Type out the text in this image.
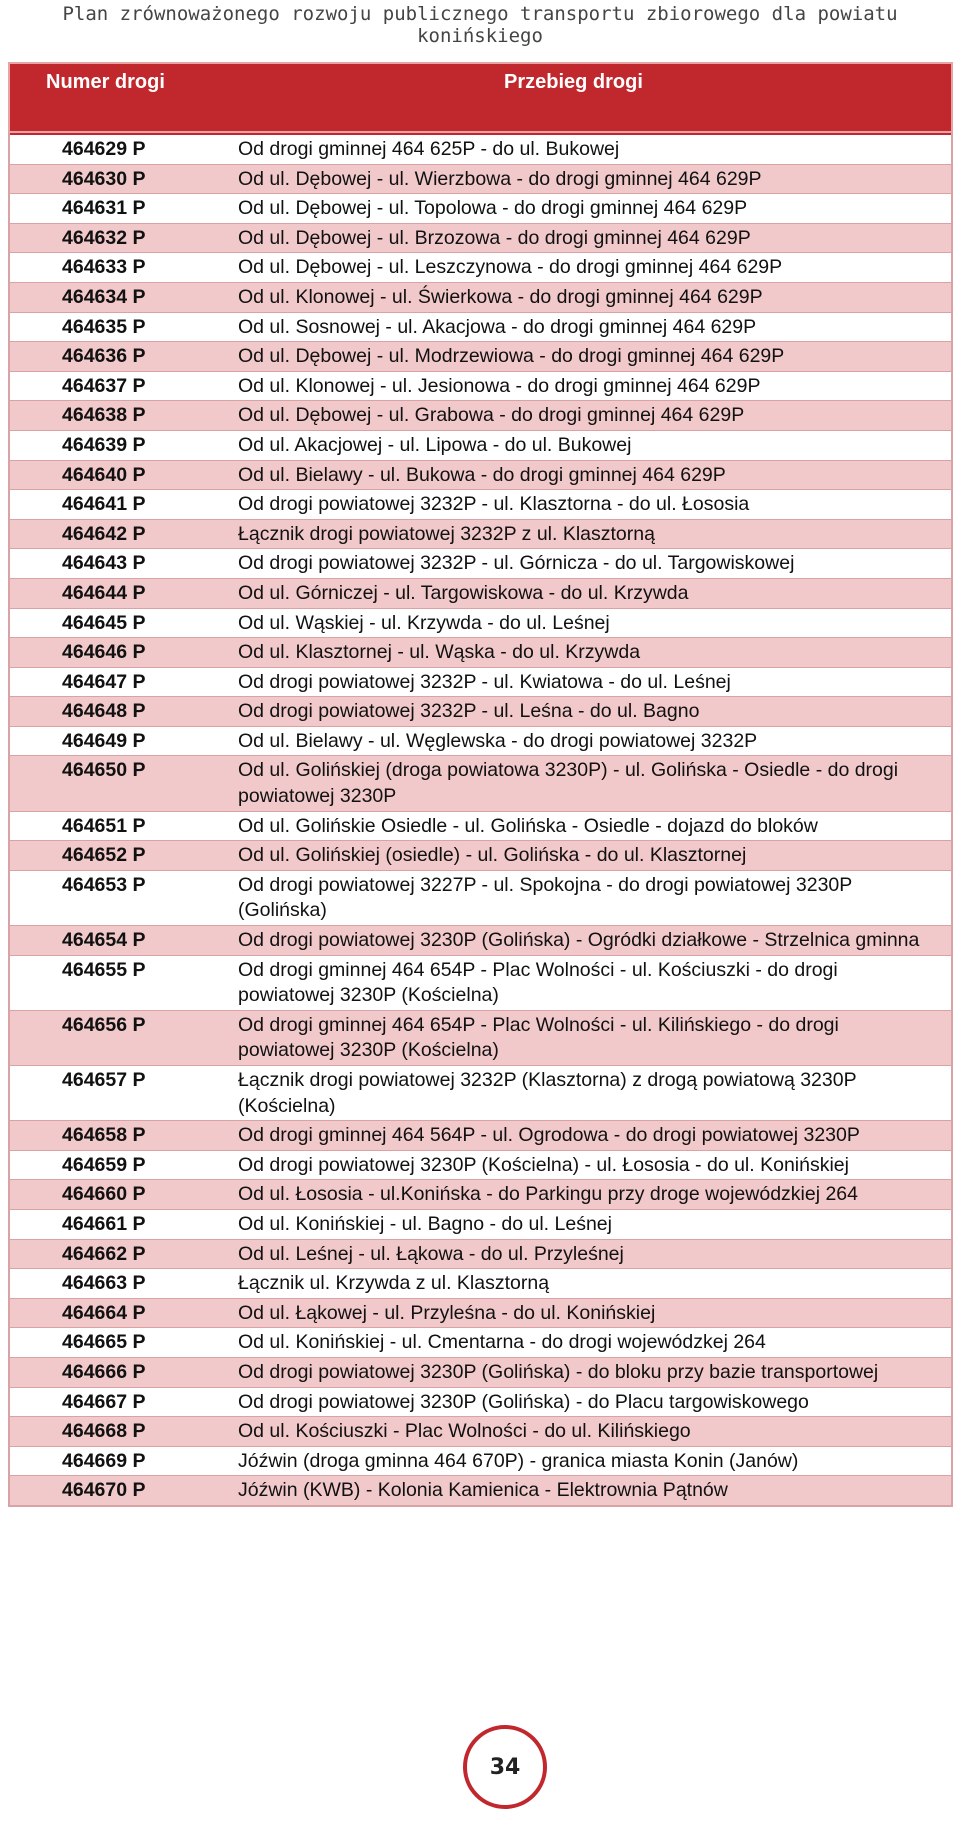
Plan zrównoważonego rozwoju publicznego transportu zbiorowego dla powiatu konińskiego
Numer drogi	Przebieg drogi
464629 P	Od drogi gminnej 464 625P - do ul. Bukowej
464630 P	Od ul. Dębowej - ul. Wierzbowa - do drogi gminnej 464 629P
464631 P	Od ul. Dębowej - ul. Topolowa - do drogi gminnej 464 629P
464632 P	Od ul. Dębowej - ul. Brzozowa - do drogi gminnej 464 629P
464633 P	Od ul. Dębowej - ul. Leszczynowa - do drogi gminnej 464 629P
464634 P	Od ul. Klonowej - ul. Świerkowa - do drogi gminnej 464 629P
464635 P	Od ul. Sosnowej - ul. Akacjowa - do drogi gminnej 464 629P
464636 P	Od ul. Dębowej - ul. Modrzewiowa - do drogi gminnej 464 629P
464637 P	Od ul. Klonowej - ul. Jesionowa - do drogi gminnej 464 629P
464638 P	Od ul. Dębowej - ul. Grabowa - do drogi gminnej 464 629P
464639 P	Od ul. Akacjowej - ul. Lipowa - do ul. Bukowej
464640 P	Od ul. Bielawy - ul. Bukowa - do drogi gminnej 464 629P
464641 P	Od drogi powiatowej 3232P - ul. Klasztorna - do ul. Łososia
464642 P	Łącznik drogi powiatowej 3232P z ul. Klasztorną
464643 P	Od drogi powiatowej 3232P - ul. Górnicza - do ul. Targowiskowej
464644 P	Od ul. Górniczej - ul. Targowiskowa - do ul. Krzywda
464645 P	Od ul. Wąskiej - ul. Krzywda - do ul. Leśnej
464646 P	Od ul. Klasztornej - ul. Wąska - do ul. Krzywda
464647 P	Od drogi powiatowej 3232P - ul. Kwiatowa - do ul. Leśnej
464648 P	Od drogi powiatowej 3232P - ul. Leśna - do ul. Bagno
464649 P	Od ul. Bielawy - ul. Węglewska - do drogi powiatowej 3232P
464650 P	Od ul. Golińskiej (droga powiatowa 3230P) - ul. Golińska - Osiedle - do drogi powiatowej 3230P
464651 P	Od ul. Golińskie Osiedle - ul. Golińska - Osiedle - dojazd do bloków
464652 P	Od ul. Golińskiej (osiedle) - ul. Golińska - do ul. Klasztornej
464653 P	Od drogi powiatowej 3227P - ul. Spokojna - do drogi powiatowej 3230P (Golińska)
464654 P	Od drogi powiatowej 3230P (Golińska) - Ogródki działkowe - Strzelnica gminna
464655 P	Od drogi gminnej 464 654P - Plac Wolności - ul. Kościuszki - do drogi powiatowej 3230P (Kościelna)
464656 P	Od drogi gminnej 464 654P - Plac Wolności - ul. Kilińskiego - do drogi powiatowej 3230P (Kościelna)
464657 P	Łącznik drogi powiatowej 3232P (Klasztorna) z drogą powiatową 3230P (Kościelna)
464658 P	Od drogi gminnej 464 564P - ul. Ogrodowa - do drogi powiatowej 3230P
464659 P	Od drogi powiatowej 3230P (Kościelna) - ul. Łososia - do ul. Konińskiej
464660 P	Od ul. Łososia - ul.Konińska - do Parkingu przy droge wojewódzkiej 264
464661 P	Od ul. Konińskiej - ul. Bagno - do ul. Leśnej
464662 P	Od ul. Leśnej - ul. Łąkowa - do ul. Przyleśnej
464663 P	Łącznik ul. Krzywda z ul. Klasztorną
464664 P	Od ul. Łąkowej - ul. Przyleśna - do ul. Konińskiej
464665 P	Od ul. Konińskiej - ul. Cmentarna - do drogi wojewódzkej 264
464666 P	Od drogi powiatowej 3230P (Golińska) - do bloku przy bazie transportowej
464667 P	Od drogi powiatowej 3230P (Golińska) - do Placu targowiskowego
464668 P	Od ul. Kościuszki - Plac Wolności - do ul. Kilińskiego
464669 P	Jóźwin (droga gminna 464 670P) - granica miasta Konin (Janów)
464670 P	Jóźwin (KWB) - Kolonia Kamienica - Elektrownia Pątnów
34
